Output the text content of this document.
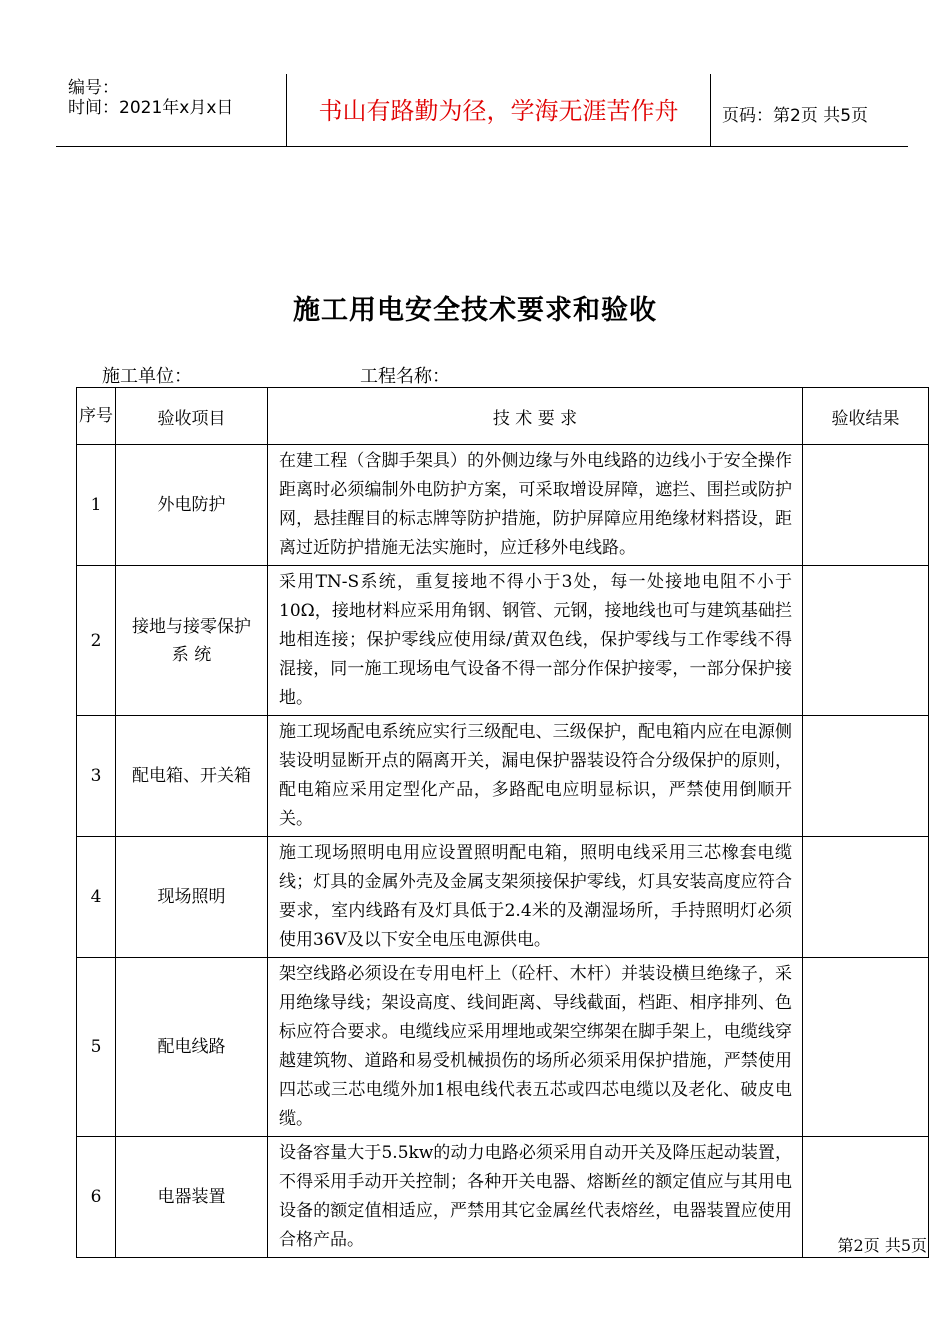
编号：
时间：2021年x月x日	书山有路勤为径，学海无涯苦作舟	页码：第2页 共5页
施工用电安全技术要求和验收
施工单位：	工程名称：
序号	验收项目	技 术 要 求	验收结果
1	外电防护	在建工程（含脚手架具）的外侧边缘与外电线路的边线小于安全操作距离时必须编制外电防护方案，可采取增设屏障，遮拦、围拦或防护网，悬挂醒目的标志牌等防护措施，防护屏障应用绝缘材料搭设，距离过近防护措施无法实施时，应迁移外电线路。	
2	接地与接零保护系 统	采用TN-S系统，重复接地不得小于3处，每一处接地电阻不小于10Ω，接地材料应采用角钢、钢管、元钢，接地线也可与建筑基础拦地相连接；保护零线应使用绿/黄双色线，保护零线与工作零线不得混接，同一施工现场电气设备不得一部分作保护接零，一部分保护接地。	
3	配电箱、开关箱	施工现场配电系统应实行三级配电、三级保护，配电箱内应在电源侧装设明显断开点的隔离开关，漏电保护器装设符合分级保护的原则，配电箱应采用定型化产品，多路配电应明显标识，严禁使用倒顺开关。	
4	现场照明	施工现场照明电用应设置照明配电箱，照明电线采用三芯橡套电缆线；灯具的金属外壳及金属支架须接保护零线，灯具安装高度应符合要求，室内线路有及灯具低于2.4米的及潮湿场所，手持照明灯必须使用36V及以下安全电压电源供电。	
5	配电线路	架空线路必须设在专用电杆上（砼杆、木杆）并装设横旦绝缘子，采用绝缘导线；架设高度、线间距离、导线截面，档距、相序排列、色标应符合要求。电缆线应采用埋地或架空绑架在脚手架上，电缆线穿越建筑物、道路和易受机械损伤的场所必须采用保护措施，严禁使用四芯或三芯电缆外加1根电线代表五芯或四芯电缆以及老化、破皮电缆。	
6	电器装置	设备容量大于5.5kw的动力电路必须采用自动开关及降压起动装置，不得采用手动开关控制；各种开关电器、熔断丝的额定值应与其用电设备的额定值相适应，严禁用其它金属丝代表熔丝，电器装置应使用合格产品。		第2页 共5页
